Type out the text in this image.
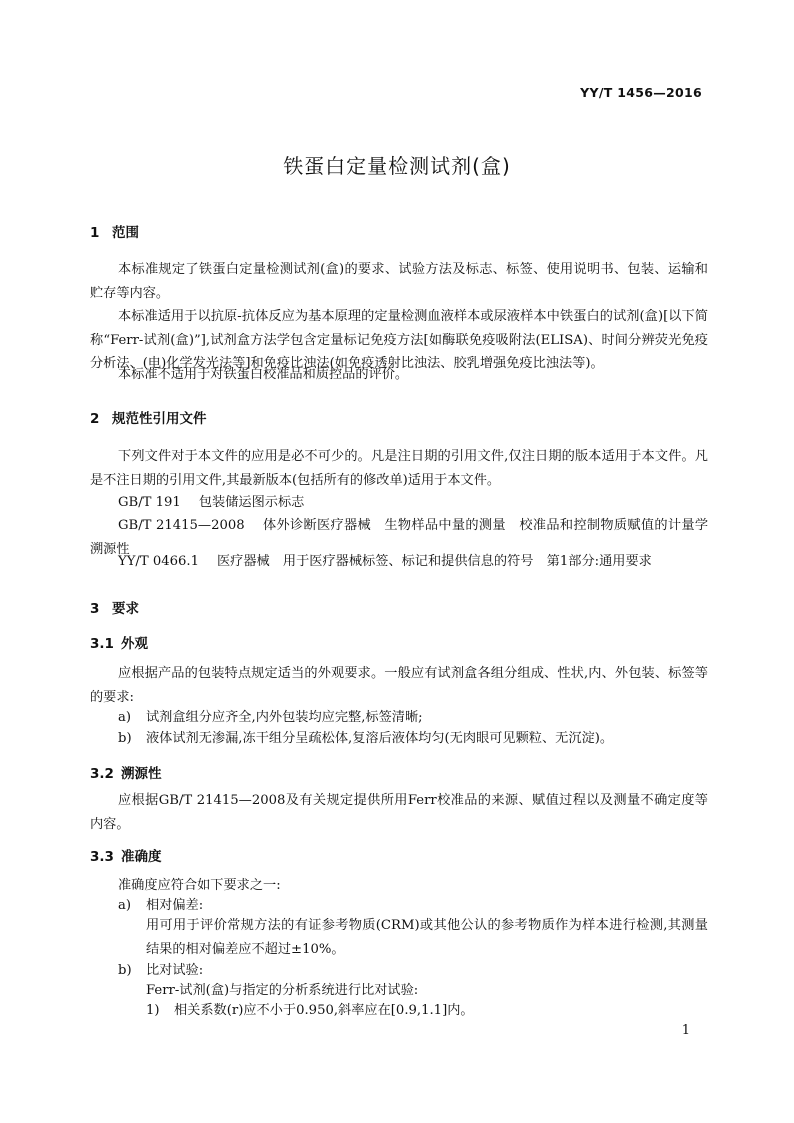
YY/T 1456—2016
铁蛋白定量检测试剂(盒)
1 范围
本标准规定了铁蛋白定量检测试剂(盒)的要求、试验方法及标志、标签、使用说明书、包装、运输和贮存等内容。
本标准适用于以抗原-抗体反应为基本原理的定量检测血液样本或尿液样本中铁蛋白的试剂(盒)[以下简称“Ferr-试剂(盒)”],试剂盒方法学包含定量标记免疫方法[如酶联免疫吸附法(ELISA)、时间分辨荧光免疫分析法、(电)化学发光法等]和免疫比浊法(如免疫透射比浊法、胶乳增强免疫比浊法等)。
本标准不适用于对铁蛋白校准品和质控品的评价。
2 规范性引用文件
下列文件对于本文件的应用是必不可少的。凡是注日期的引用文件,仅注日期的版本适用于本文件。凡是不注日期的引用文件,其最新版本(包括所有的修改单)适用于本文件。
GB/T 191 包装储运图示标志
GB/T 21415—2008 体外诊断医疗器械　生物样品中量的测量　校准品和控制物质赋值的计量学溯源性
YY/T 0466.1 医疗器械　用于医疗器械标签、标记和提供信息的符号　第1部分:通用要求
3 要求
3.1 外观
应根据产品的包装特点规定适当的外观要求。一般应有试剂盒各组分组成、性状,内、外包装、标签等的要求:
a) 试剂盒组分应齐全,内外包装均应完整,标签清晰;
b) 液体试剂无渗漏,冻干组分呈疏松体,复溶后液体均匀(无肉眼可见颗粒、无沉淀)。
3.2 溯源性
应根据GB/T 21415—2008及有关规定提供所用Ferr校准品的来源、赋值过程以及测量不确定度等内容。
3.3 准确度
准确度应符合如下要求之一:
a) 相对偏差:
用可用于评价常规方法的有证参考物质(CRM)或其他公认的参考物质作为样本进行检测,其测量结果的相对偏差应不超过±10%。
b) 比对试验:
Ferr-试剂(盒)与指定的分析系统进行比对试验:
1) 相关系数(r)应不小于0.950,斜率应在[0.9,1.1]内。
1
